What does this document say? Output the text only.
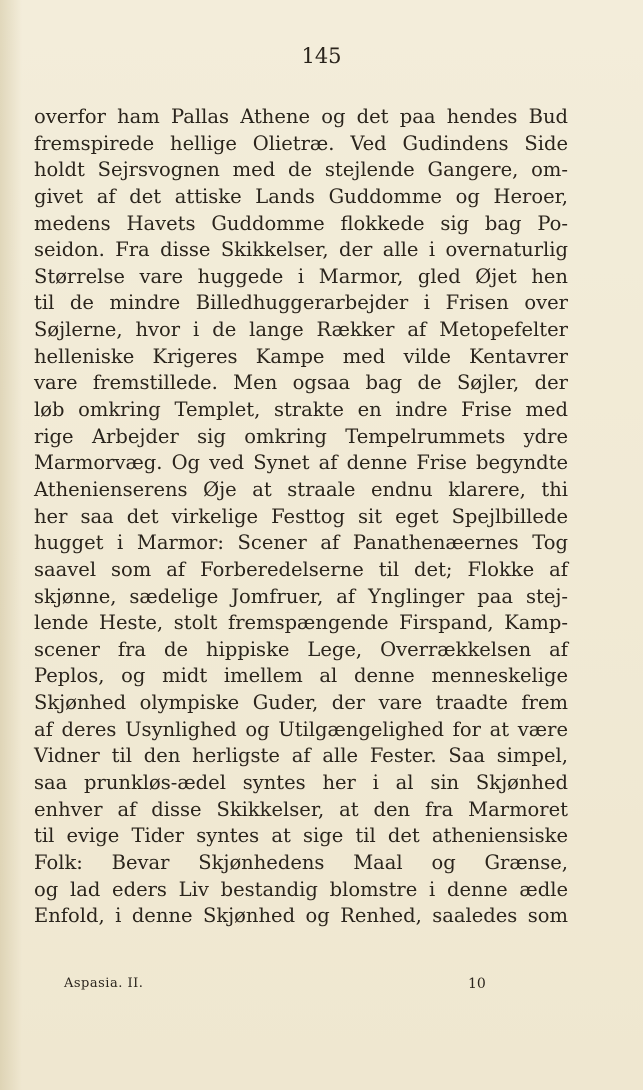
145
overfor ham Pallas Athene og det paa hendes Bud
fremspirede hellige Olietræ. Ved Gudindens Side
holdt Sejrsvognen med de stejlende Gangere, om-
givet af det attiske Lands Guddomme og Heroer,
medens Havets Guddomme flokkede sig bag Po-
seidon. Fra disse Skikkelser, der alle i overnaturlig
Størrelse vare huggede i Marmor, gled Øjet hen
til de mindre Billedhuggerarbejder i Frisen over
Søjlerne, hvor i de lange Rækker af Metopefelter
helleniske Krigeres Kampe med vilde Kentavrer
vare fremstillede. Men ogsaa bag de Søjler, der
løb omkring Templet, strakte en indre Frise med
rige Arbejder sig omkring Tempelrummets ydre
Marmorvæg. Og ved Synet af denne Frise begyndte
Athenienserens Øje at straale endnu klarere, thi
her saa det virkelige Festtog sit eget Spejlbillede
hugget i Marmor: Scener af Panathenæernes Tog
saavel som af Forberedelserne til det; Flokke af
skjønne, sædelige Jomfruer, af Ynglinger paa stej-
lende Heste, stolt fremspængende Firspand, Kamp-
scener fra de hippiske Lege, Overrækkelsen af
Peplos, og midt imellem al denne menneskelige
Skjønhed olympiske Guder, der vare traadte frem
af deres Usynlighed og Utilgængelighed for at være
Vidner til den herligste af alle Fester. Saa simpel,
saa prunkløs-ædel syntes her i al sin Skjønhed
enhver af disse Skikkelser, at den fra Marmoret
til evige Tider syntes at sige til det atheniensiske
Folk: Bevar Skjønhedens Maal og Grænse,
og lad eders Liv bestandig blomstre i denne ædle
Enfold, i denne Skjønhed og Renhed, saaledes som
Aspasia. II.	10
